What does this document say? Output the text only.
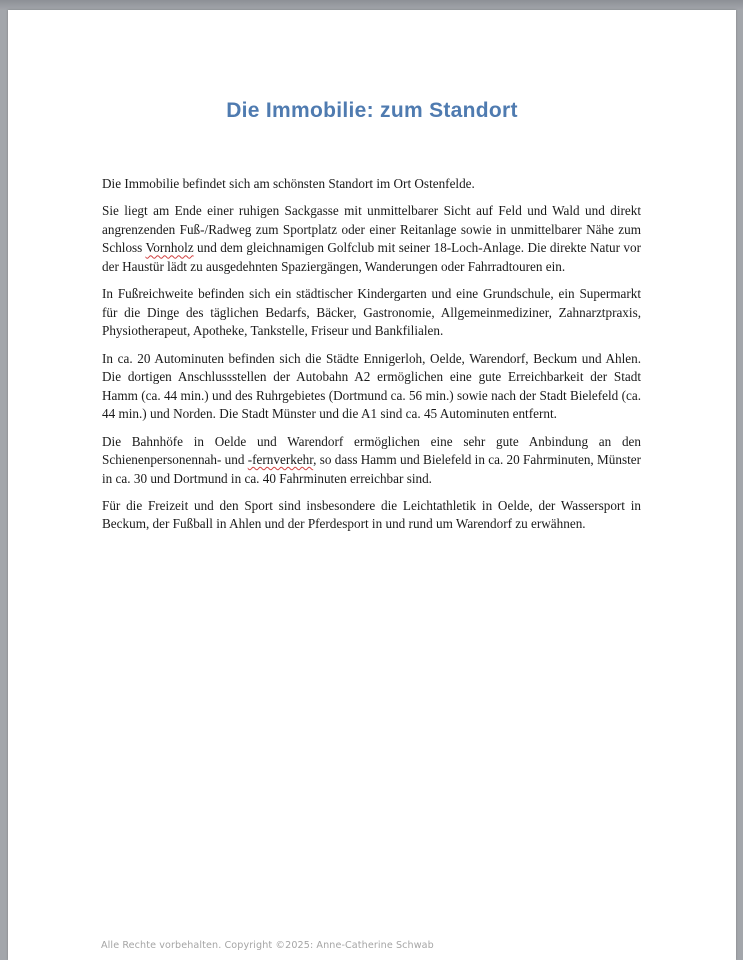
Die Immobilie: zum Standort

Die Immobilie befindet sich am schönsten Standort im Ort Ostenfelde.

Sie liegt am Ende einer ruhigen Sackgasse mit unmittelbarer Sicht auf Feld und Wald und direkt angrenzenden Fuß-/Radweg zum Sportplatz oder einer Reitanlage sowie in unmittelbarer Nähe zum Schloss Vornholz und dem gleichnamigen Golfclub mit seiner 18-Loch-Anlage. Die direkte Natur vor der Haustür lädt zu ausgedehnten Spaziergängen, Wanderungen oder Fahrradtouren ein.

In Fußreichweite befinden sich ein städtischer Kindergarten und eine Grundschule, ein Supermarkt für die Dinge des täglichen Bedarfs, Bäcker, Gastronomie, Allgemeinmediziner, Zahnarztpraxis, Physiotherapeut, Apotheke, Tankstelle, Friseur und Bankfilialen.

In ca. 20 Autominuten befinden sich die Städte Ennigerloh, Oelde, Warendorf, Beckum und Ahlen. Die dortigen Anschlussstellen der Autobahn A2 ermöglichen eine gute Erreichbarkeit der Stadt Hamm (ca. 44 min.) und des Ruhrgebietes (Dortmund ca. 56 min.) sowie nach der Stadt Bielefeld (ca. 44 min.) und Norden. Die Stadt Münster und die A1 sind ca. 45 Autominuten entfernt.

Die Bahnhöfe in Oelde und Warendorf ermöglichen eine sehr gute Anbindung an den Schienenpersonennah- und -fernverkehr, so dass Hamm und Bielefeld in ca. 20 Fahrminuten, Münster in ca. 30 und Dortmund in ca. 40 Fahrminuten erreichbar sind.

Für die Freizeit und den Sport sind insbesondere die Leichtathletik in Oelde, der Wassersport in Beckum, der Fußball in Ahlen und der Pferdesport in und rund um Warendorf zu erwähnen.

Alle Rechte vorbehalten. Copyright ©2025: Anne-Catherine Schwab
